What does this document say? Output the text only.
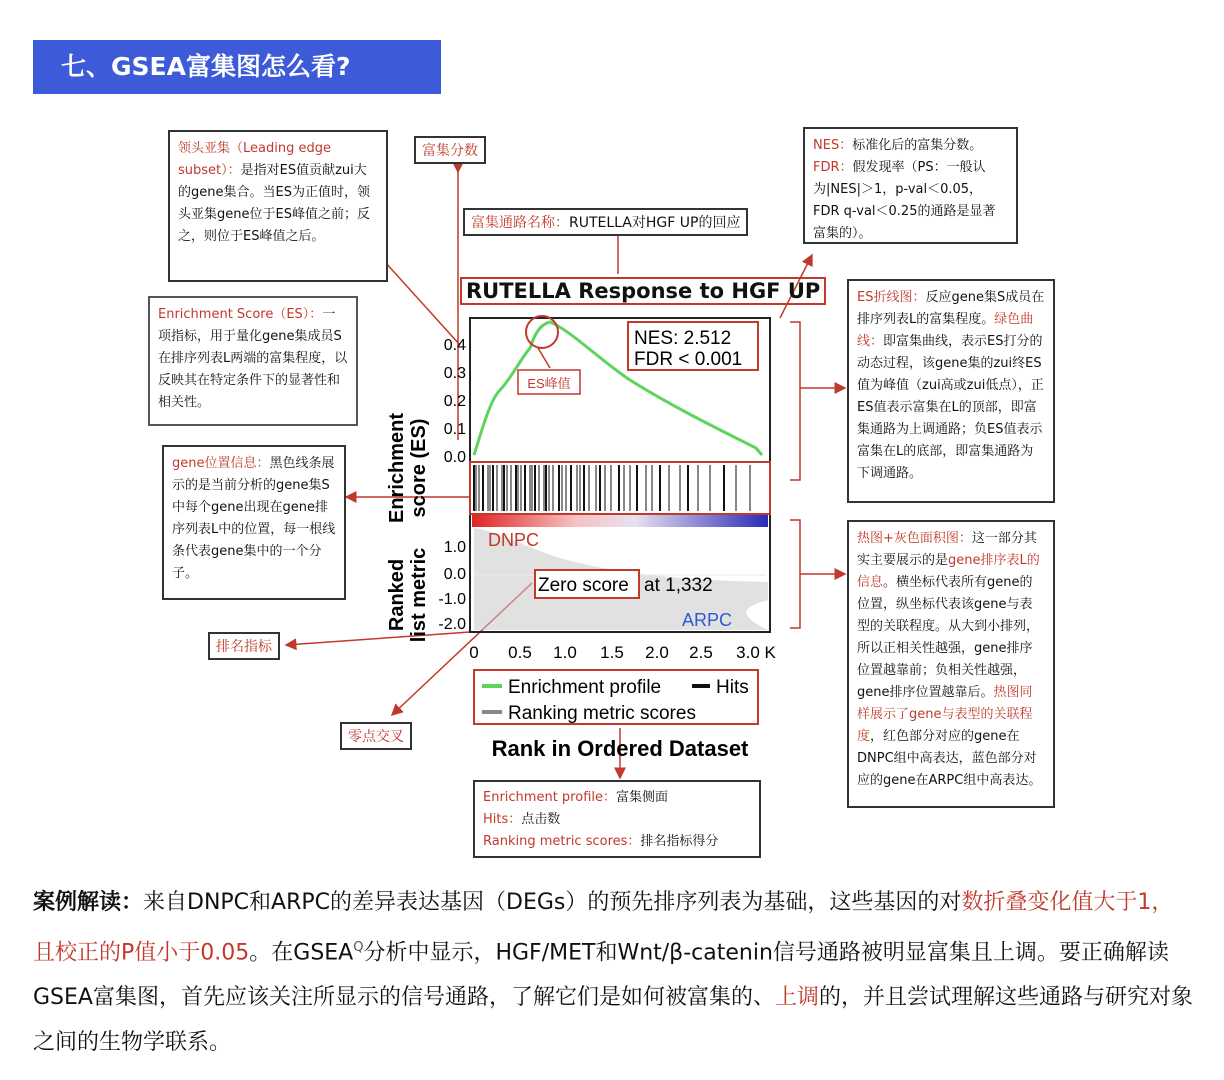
七、GSEA富集图怎么看?
领头亚集（Leading edge subset）：是指对ES值贡献zui大的gene集合。当ES为正值时，领头亚集gene位于ES峰值之前；反之，则位于ES峰值之后。
Enrichment Score（ES）：一项指标，用于量化gene集成员S在排序列表L两端的富集程度，以反映其在特定条件下的显著性和相关性。
gene位置信息：黑色线条展示的是当前分析的gene集S中每个gene出现在gene排序列表L中的位置，每一根线条代表gene集中的一个分子。
NES：标准化后的富集分数。
FDR：假发现率（PS：一般认为|NES|＞1，p-val＜0.05，FDR q-val＜0.25的通路是显著富集的）。
ES折线图：反应gene集S成员在排序列表L的富集程度。绿色曲线：即富集曲线，表示ES打分的动态过程，该gene集的zui终ES值为峰值（zui高或zui低点），正ES值表示富集在L的顶部，即富集通路为上调通路；负ES值表示富集在L的底部，即富集通路为下调通路。
热图+灰色面积图：这一部分其实主要展示的是gene排序表L的信息。横坐标代表所有gene的位置，纵坐标代表该gene与表型的关联程度。从大到小排列，所以正相关性越强，gene排序位置越靠前；负相关性越强，gene排序位置越靠后。热图同样展示了gene与表型的关联程度，红色部分对应的gene在DNPC组中高表达，蓝色部分对应的gene在ARPC组中高表达。
Enrichment profile：富集侧面
Hits：点击数
Ranking metric scores：排名指标得分
富集分数
富集通路名称：RUTELLA对HGF UP的回应
排名指标
零点交叉
RUTELLA Response to HGF UP
Enrichment score (ES)
Ranked list metric
0.4
0.3
0.2
0.1
0.0
ES峰值
NES: 2.512
FDR < 0.001
1.0
0.0
-1.0
-2.0
DNPC
ARPC
Zero score at 1,332
0 0.5 1.0 1.5 2.0 2.5 3.0 K
Enrichment profile	Hits
Ranking metric scores
Rank in Ordered Dataset
案例解读：来自DNPC和ARPC的差异表达基因（DEGs）的预先排序列表为基础，这些基因的对数折叠变化值大于1，且校正的P值小于0.05。在$GSEA^Q$分析中显示，HGF/MET和Wnt/β-catenin信号通路被明显富集且上调。要正确解读GSEA富集图，首先应该关注所显示的信号通路，了解它们是如何被富集的、上调的，并且尝试理解这些通路与研究对象之间的生物学联系。
